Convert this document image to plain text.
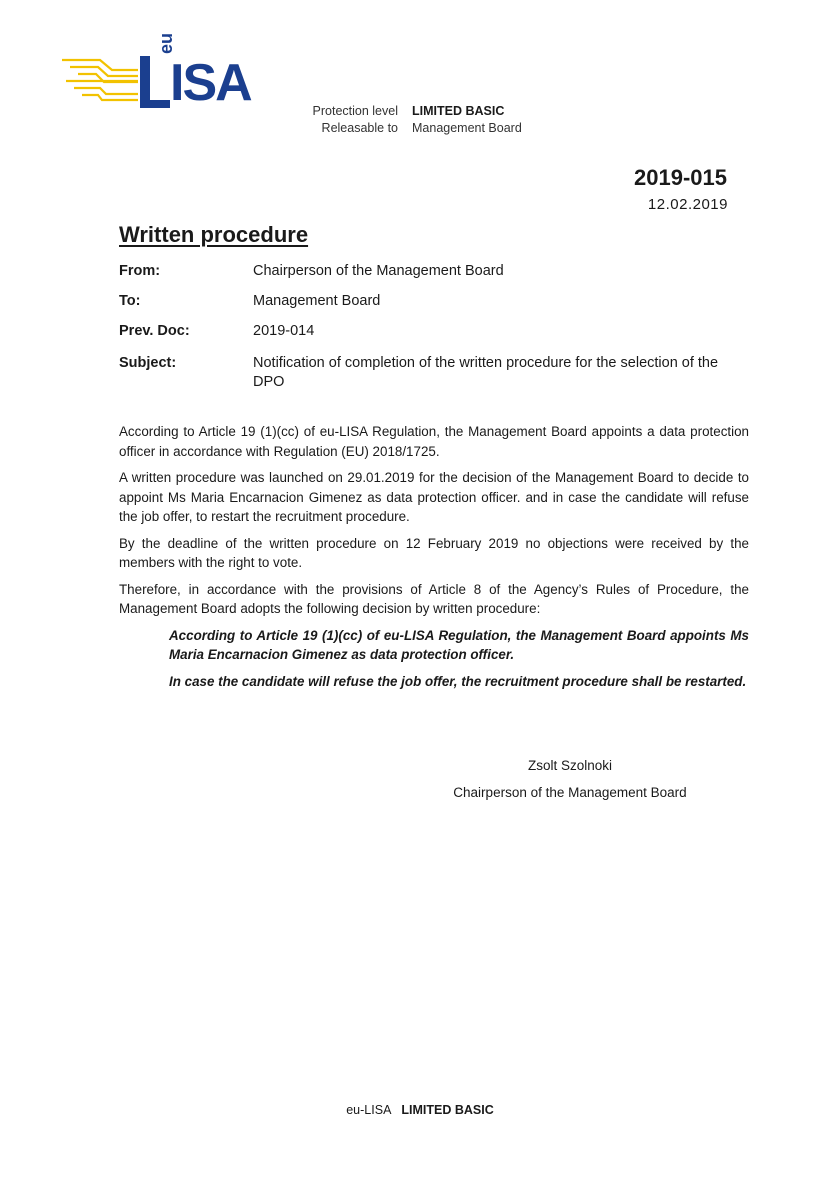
eu
ISA	Protection level	LIMITED BASIC
Releasable to	Management Board
2019-015
12.02.2019
Written procedure
From:	Chairperson of the Management Board
To:	Management Board
Prev. Doc:	2019-014
Subject:	Notification of completion of the written procedure for the selection of the DPO

According to Article 19 (1)(cc) of eu-LISA Regulation, the Management Board appoints a data protection officer in accordance with Regulation (EU) 2018/1725.

A written procedure was launched on 29.01.2019 for the decision of the Management Board to decide to appoint Ms Maria Encarnacion Gimenez as data protection officer. and in case the candidate will refuse the job offer, to restart the recruitment procedure.

By the deadline of the written procedure on 12 February 2019 no objections were received by the members with the right to vote.

Therefore, in accordance with the provisions of Article 8 of the Agency’s Rules of Procedure, the Management Board adopts the following decision by written procedure:

According to Article 19 (1)(cc) of eu-LISA Regulation, the Management Board appoints Ms Maria Encarnacion Gimenez as data protection officer.

In case the candidate will refuse the job offer, the recruitment procedure shall be restarted.

Zsolt Szolnoki
Chairperson of the Management Board
eu-LISA LIMITED BASIC
